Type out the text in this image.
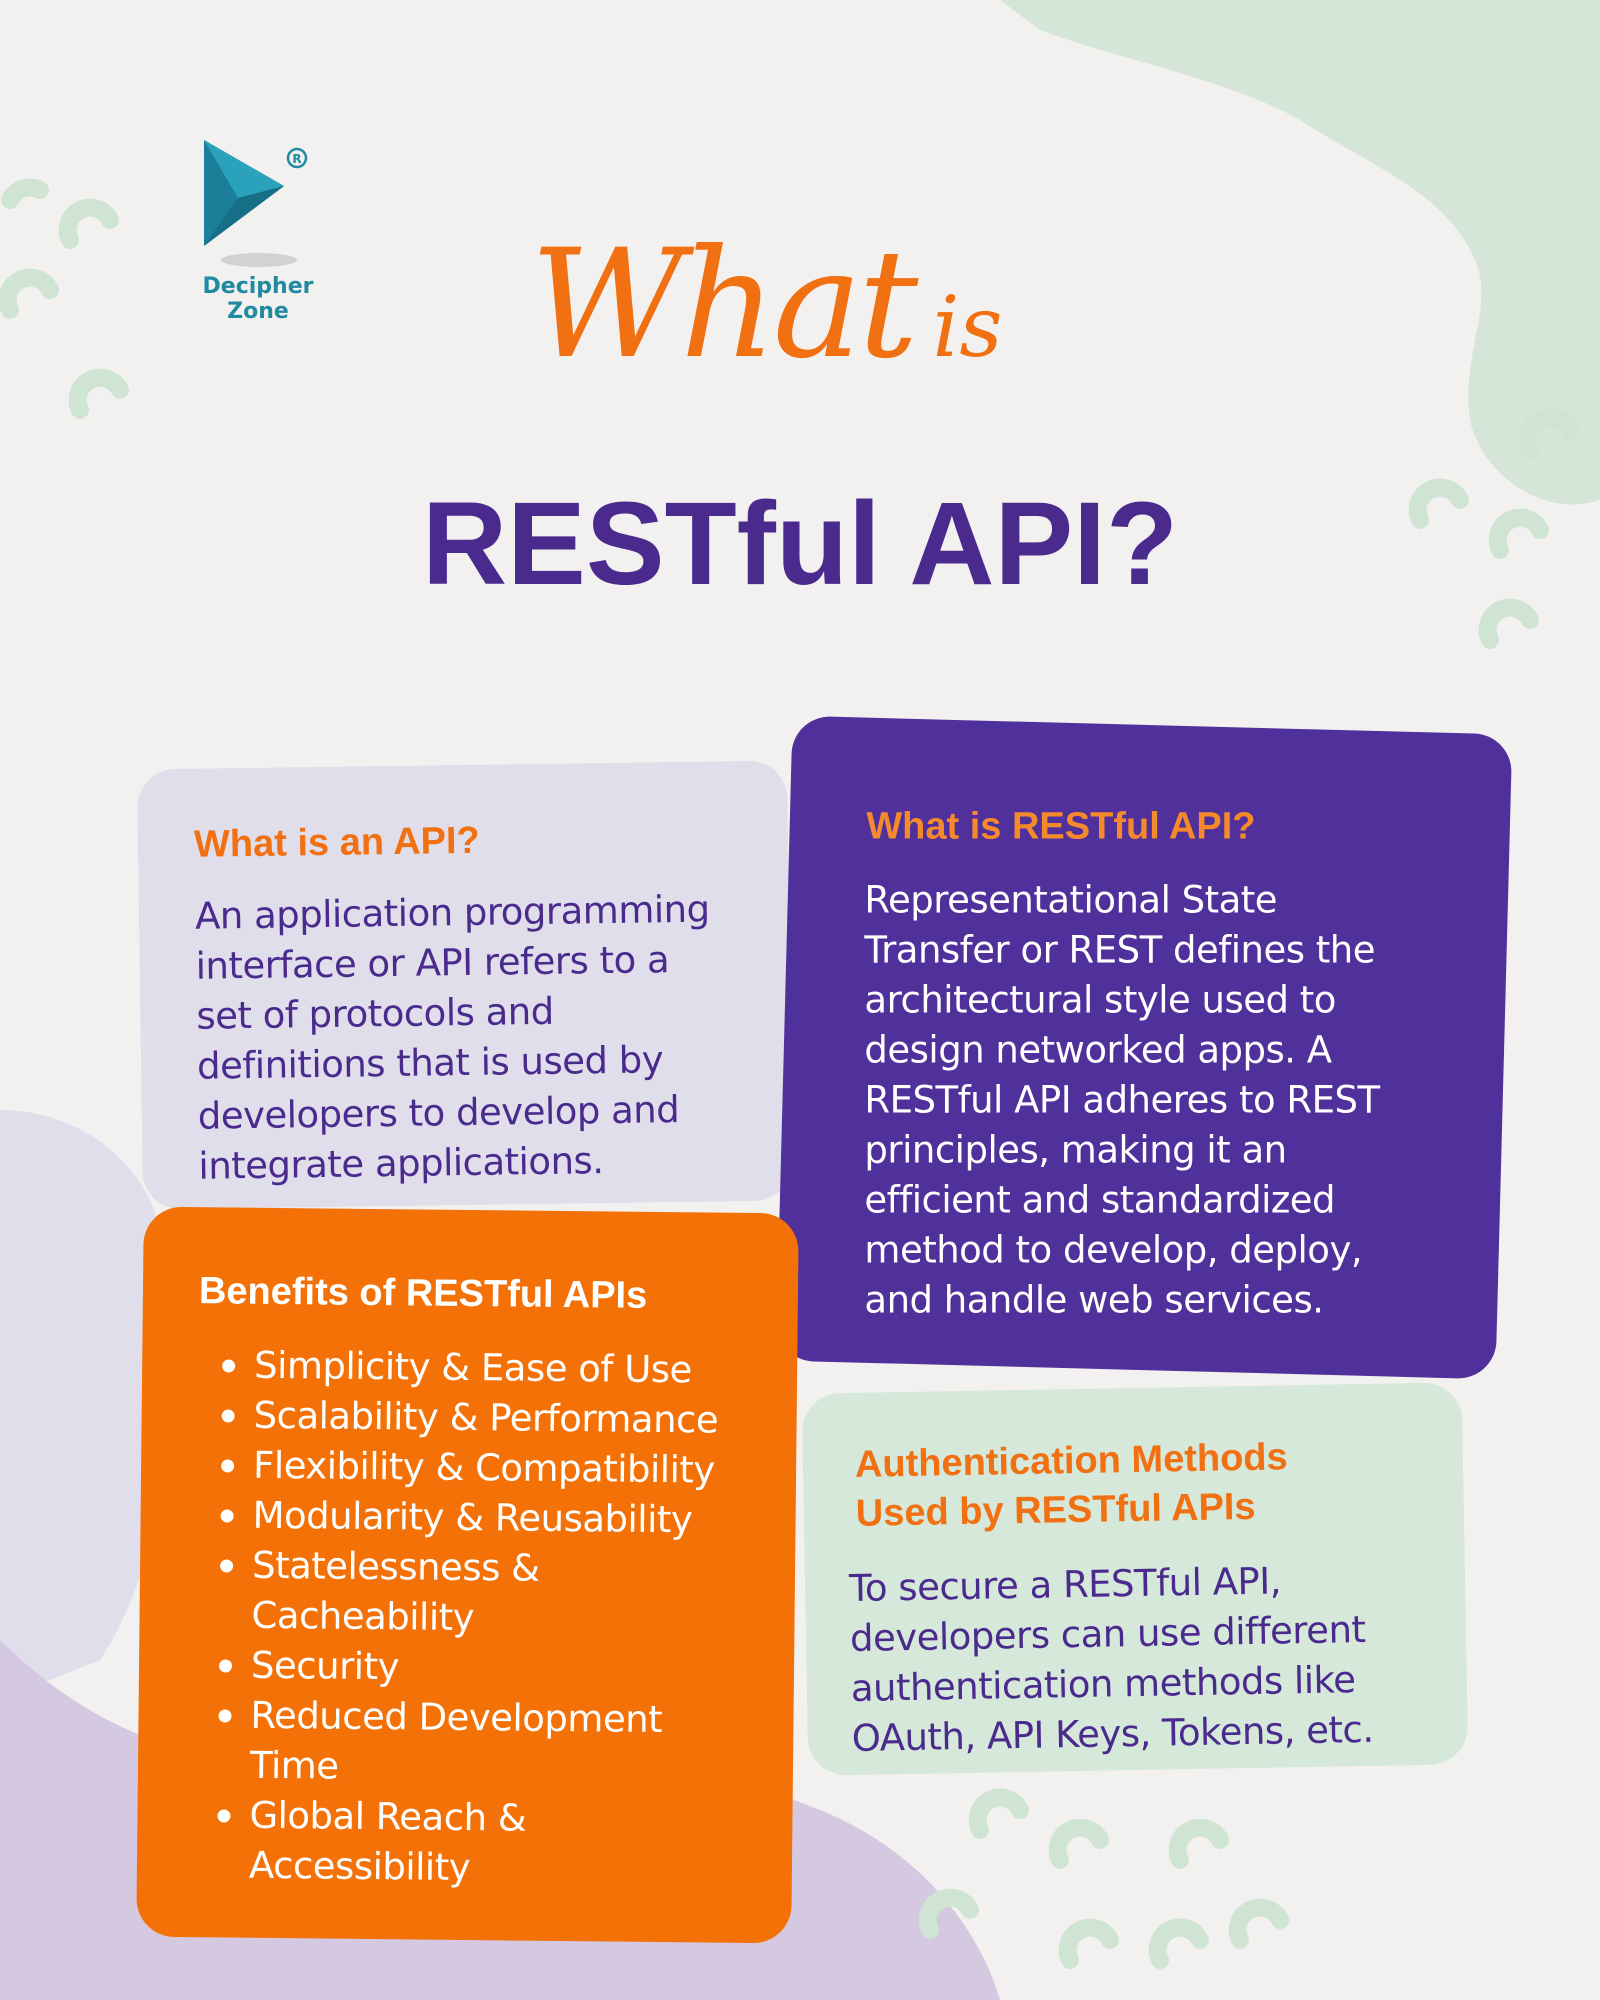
R
Decipher Zone	What is
RESTful API?
What is an API?

An application programming
interface or API refers to a
set of protocols and
definitions that is used by
developers to develop and
integrate applications.

What is RESTful API?

Representational State
Transfer or REST defines the
architectural style used to
design networked apps. A
RESTful API adheres to REST
principles, making it an
efficient and standardized
method to develop, deploy,
and handle web services.

Benefits of RESTful APIs
Simplicity & Ease of Use
Scalability & Performance
Flexibility & Compatibility
Modularity & Reusability
Statelessness &
Cacheability
Security
Reduced Development
Time
Global Reach &
Accessibility
Authentication Methods
Used by RESTful APIs

To secure a RESTful API,
developers can use different
authentication methods like
OAuth, API Keys, Tokens, etc.
